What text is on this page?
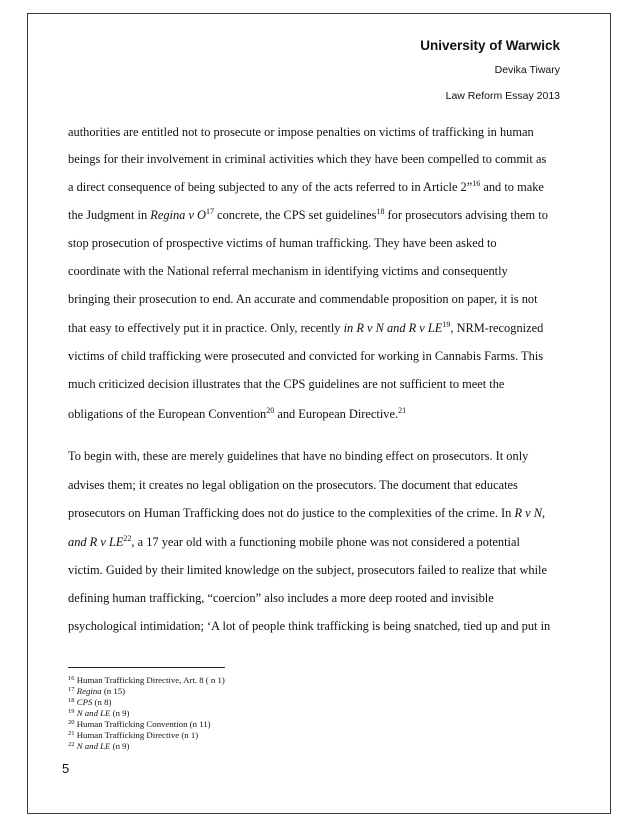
University of Warwick
Devika Tiwary
Law Reform Essay 2013
authorities are entitled not to prosecute or impose penalties on victims of trafficking in human
beings for their involvement in criminal activities which they have been compelled to commit as
a direct consequence of being subjected to any of the acts referred to in Article 2”$^{16}$ and to make
the Judgment in Regina v $O^{17}$ concrete, the CPS set guidelines$^{18}$ for prosecutors advising them to
stop prosecution of prospective victims of human trafficking. They have been asked to
coordinate with the National referral mechanism in identifying victims and consequently
bringing their prosecution to end. An accurate and commendable proposition on paper, it is not
that easy to effectively put it in practice. Only, recently in R v N and R v LE$^{19}$, NRM-recognized
victims of child trafficking were prosecuted and convicted for working in Cannabis Farms. This
much criticized decision illustrates that the CPS guidelines are not sufficient to meet the
obligations of the European Convention$^{20}$ and European Directive.$^{21}$
To begin with, these are merely guidelines that have no binding effect on prosecutors. It only
advises them; it creates no legal obligation on the prosecutors. The document that educates
prosecutors on Human Trafficking does not do justice to the complexities of the crime. In R v N,
and R v LE$^{22}$, a 17 year old with a functioning mobile phone was not considered a potential
victim. Guided by their limited knowledge on the subject, prosecutors failed to realize that while
defining human trafficking, “coercion” also includes a more deep rooted and invisible
psychological intimidation; ‘A lot of people think trafficking is being snatched, tied up and put in
$^{16}$ Human Trafficking Directive, Art. 8 ( n 1)
$^{17}$ Regina (n 15)
$^{18}$ CPS (n 8)
$^{19}$ N and LE (n 9)
$^{20}$ Human Trafficking Convention (n 11)
$^{21}$ Human Trafficking Directive (n 1)
$^{22}$ N and LE (n 9)
5
